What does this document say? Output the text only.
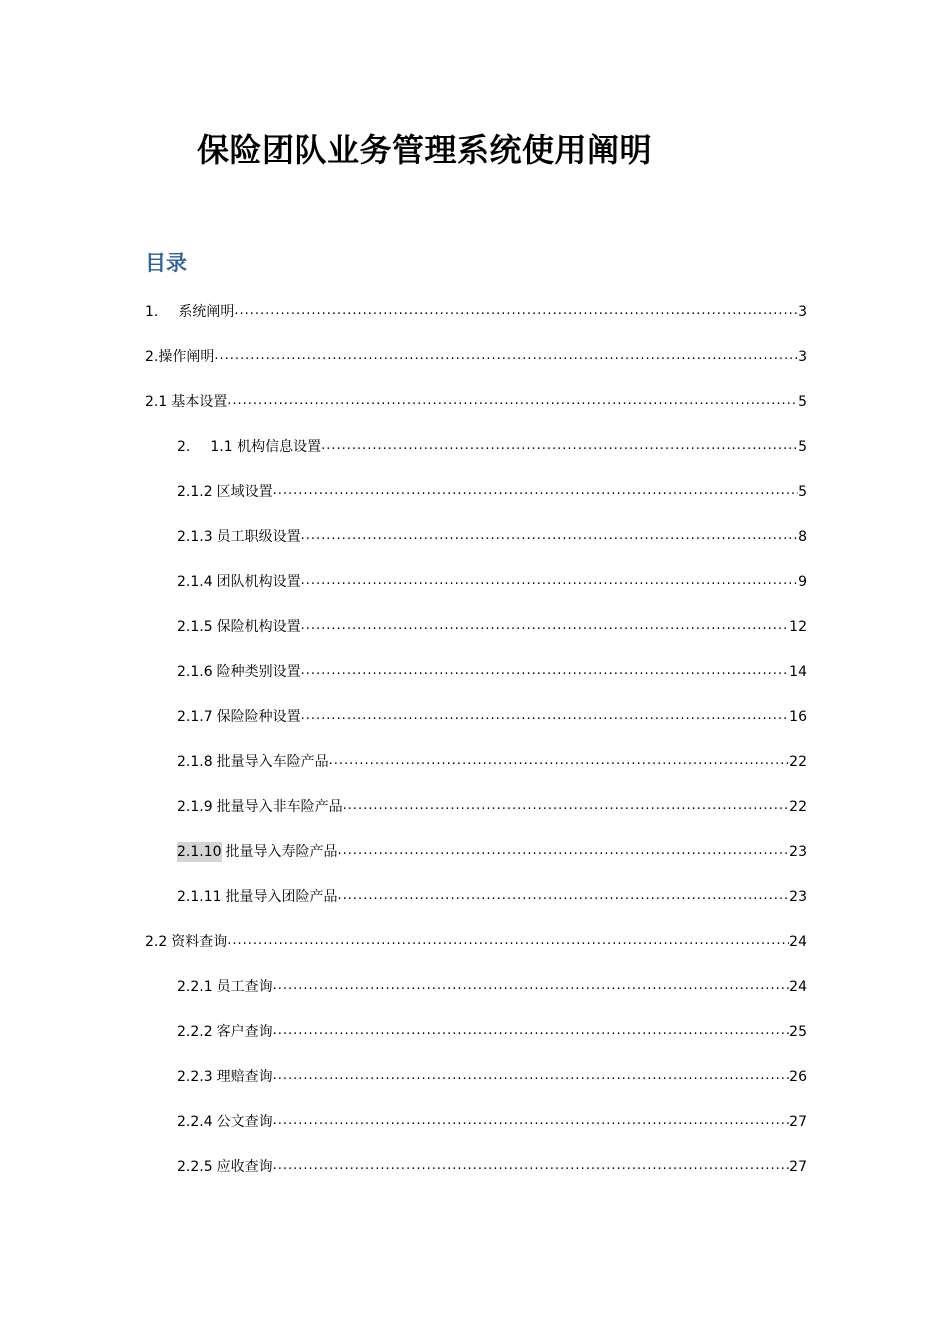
保险团队业务管理系统使用阐明
目录
1. 系统阐明 .....	3
2.操作阐明 .....	3
2.1 基本设置 .....	5
2. 1.1 机构信息设置 .....	5
2.1.2 区域设置 .....	5
2.1.3 员工职级设置 .....	8
2.1.4 团队机构设置 .....	9
2.1.5 保险机构设置 .....	12
2.1.6 险种类别设置 .....	14
2.1.7 保险险种设置 .....	16
2.1.8 批量导入车险产品 .....	22
2.1.9 批量导入非车险产品 .....	22
2.1.10 批量导入寿险产品 .....	23
2.1.11 批量导入团险产品 .....	23
2.2 资料查询 .....	24
2.2.1 员工查询 .....	24
2.2.2 客户查询 .....	25
2.2.3 理赔查询 .....	26
2.2.4 公文查询 .....	27
2.2.5 应收查询 .....	27
